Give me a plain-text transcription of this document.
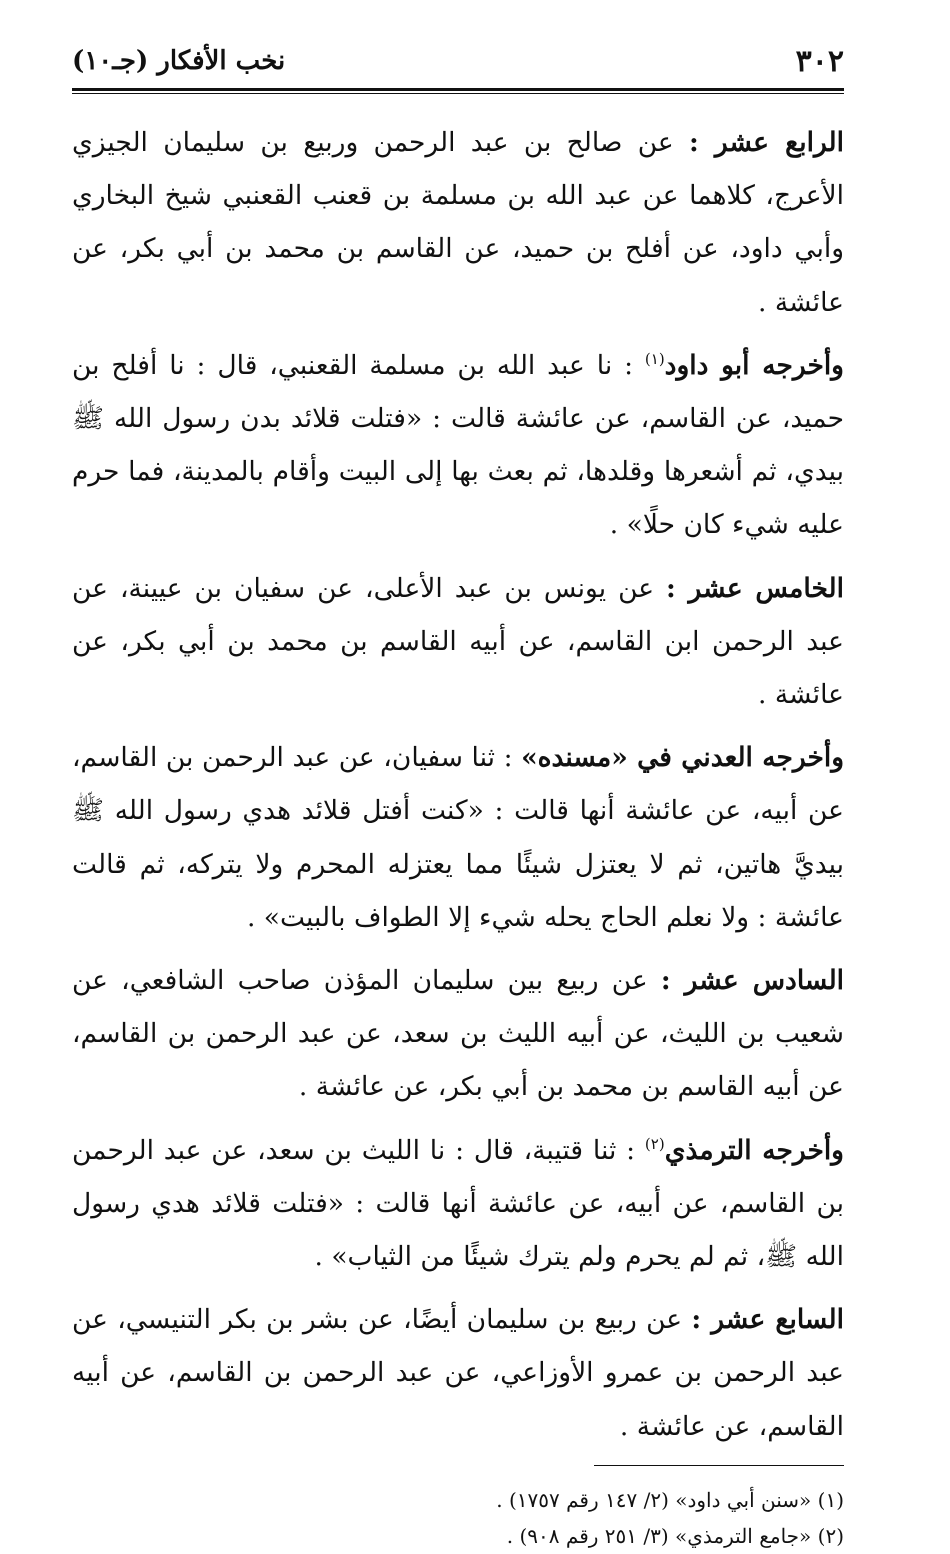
٣٠٢
نخب الأفكار (جـ١٠)

الرابع عشر : عن صالح بن عبد الرحمن وربيع بن سليمان الجيزي الأعرج، كلاهما عن عبد الله بن مسلمة بن قعنب القعنبي شيخ البخاري وأبي داود، عن أفلح بن حميد، عن القاسم بن محمد بن أبي بكر، عن عائشة .

وأخرجه أبو داود$^{(١)}$ : نا عبد الله بن مسلمة القعنبي، قال : نا أفلح بن حميد، عن القاسم، عن عائشة قالت : «فتلت قلائد بدن رسول الله ﷺ بيدي، ثم أشعرها وقلدها، ثم بعث بها إلى البيت وأقام بالمدينة، فما حرم عليه شيء كان حلًا» .

الخامس عشر : عن يونس بن عبد الأعلى، عن سفيان بن عيينة، عن عبد الرحمن ابن القاسم، عن أبيه القاسم بن محمد بن أبي بكر، عن عائشة .

وأخرجه العدني في «مسنده» : ثنا سفيان، عن عبد الرحمن بن القاسم، عن أبيه، عن عائشة أنها قالت : «كنت أفتل قلائد هدي رسول الله ﷺ بيديَّ هاتين، ثم لا يعتزل شيئًا مما يعتزله المحرم ولا يتركه، ثم قالت عائشة : ولا نعلم الحاج يحله شيء إلا الطواف بالبيت» .

السادس عشر : عن ربيع بين سليمان المؤذن صاحب الشافعي، عن شعيب بن الليث، عن أبيه الليث بن سعد، عن عبد الرحمن بن القاسم، عن أبيه القاسم بن محمد بن أبي بكر، عن عائشة .

وأخرجه الترمذي$^{(٢)}$ : ثنا قتيبة، قال : نا الليث بن سعد، عن عبد الرحمن بن القاسم، عن أبيه، عن عائشة أنها قالت : «فتلت قلائد هدي رسول الله ﷺ، ثم لم يحرم ولم يترك شيئًا من الثياب» .

السابع عشر : عن ربيع بن سليمان أيضًا، عن بشر بن بكر التنيسي، عن عبد الرحمن بن عمرو الأوزاعي، عن عبد الرحمن بن القاسم، عن أبيه القاسم، عن عائشة .

(١) «سنن أبي داود» (٢/ ١٤٧ رقم ١٧٥٧) .

(٢) «جامع الترمذي» (٣/ ٢٥١ رقم ٩٠٨) .
